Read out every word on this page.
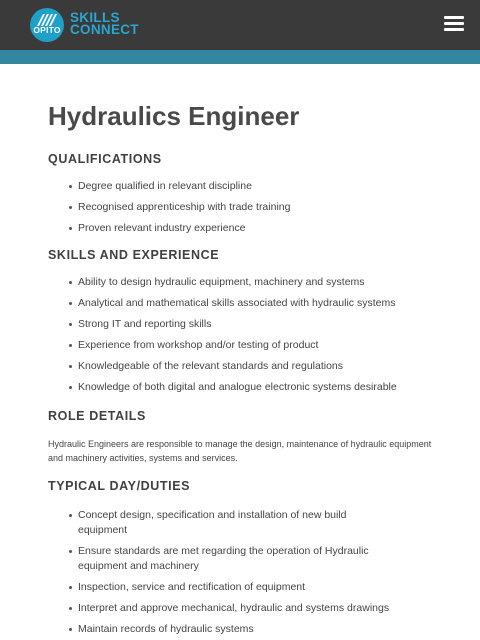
OPITO
SKILLS
CONNECT
Hydraulics Engineer
QUALIFICATIONS
Degree qualified in relevant discipline
Recognised apprenticeship with trade training
Proven relevant industry experience
SKILLS AND EXPERIENCE
Ability to design hydraulic equipment, machinery and systems
Analytical and mathematical skills associated with hydraulic systems
Strong IT and reporting skills
Experience from workshop and/or testing of product
Knowledgeable of the relevant standards and regulations
Knowledge of both digital and analogue electronic systems desirable
ROLE DETAILS

Hydraulic Engineers are responsible to manage the design, maintenance of hydraulic equipment and machinery activities, systems and services.

TYPICAL DAY/DUTIES
Concept design, specification and installation of new build equipment
Ensure standards are met regarding the operation of Hydraulic equipment and machinery
Inspection, service and rectification of equipment
Interpret and approve mechanical, hydraulic and systems drawings
Maintain records of hydraulic systems
